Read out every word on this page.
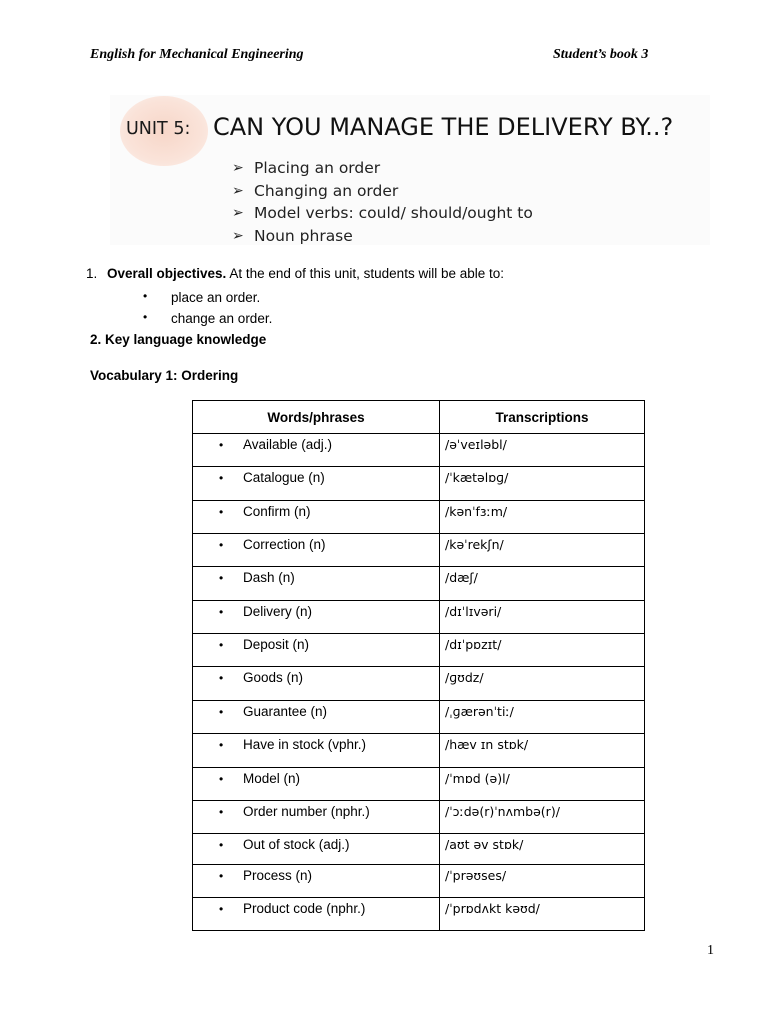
English for Mechanical Engineering	Student’s book 3
UNIT 5: CAN YOU MANAGE THE DELIVERY BY..?
➢ Placing an order
➢ Changing an order
➢ Model verbs: could/ should/ought to
➢ Noun phrase
1. Overall objectives. At the end of this unit, students will be able to:
• place an order.
• change an order.
2. Key language knowledge
Vocabulary 1: Ordering
Words/phrases	Transcriptions

• Available (adj.)	/əˈveɪləbl/

• Catalogue (n)	/ˈkætəlɒɡ/

• Confirm (n)	/kənˈfɜːm/

• Correction (n)	/kəˈrekʃn/

• Dash (n)	/dæʃ/

• Delivery (n)	/dɪˈlɪvəri/

• Deposit (n)	/dɪˈpɒzɪt/

• Goods (n)	/ɡʊdz/

• Guarantee (n)	/ˌɡærənˈtiː/

• Have in stock (vphr.)	/hæv ɪn stɒk/

• Model (n)	/ˈmɒd (ə)l/

• Order number (nphr.)	/ˈɔːdə(r)ˈnʌmbə(r)/

• Out of stock (adj.)	/aʊt əv stɒk/

• Process (n)	/ˈprəʊses/

• Product code (nphr.)	/ˈprɒdʌkt kəʊd/
1
